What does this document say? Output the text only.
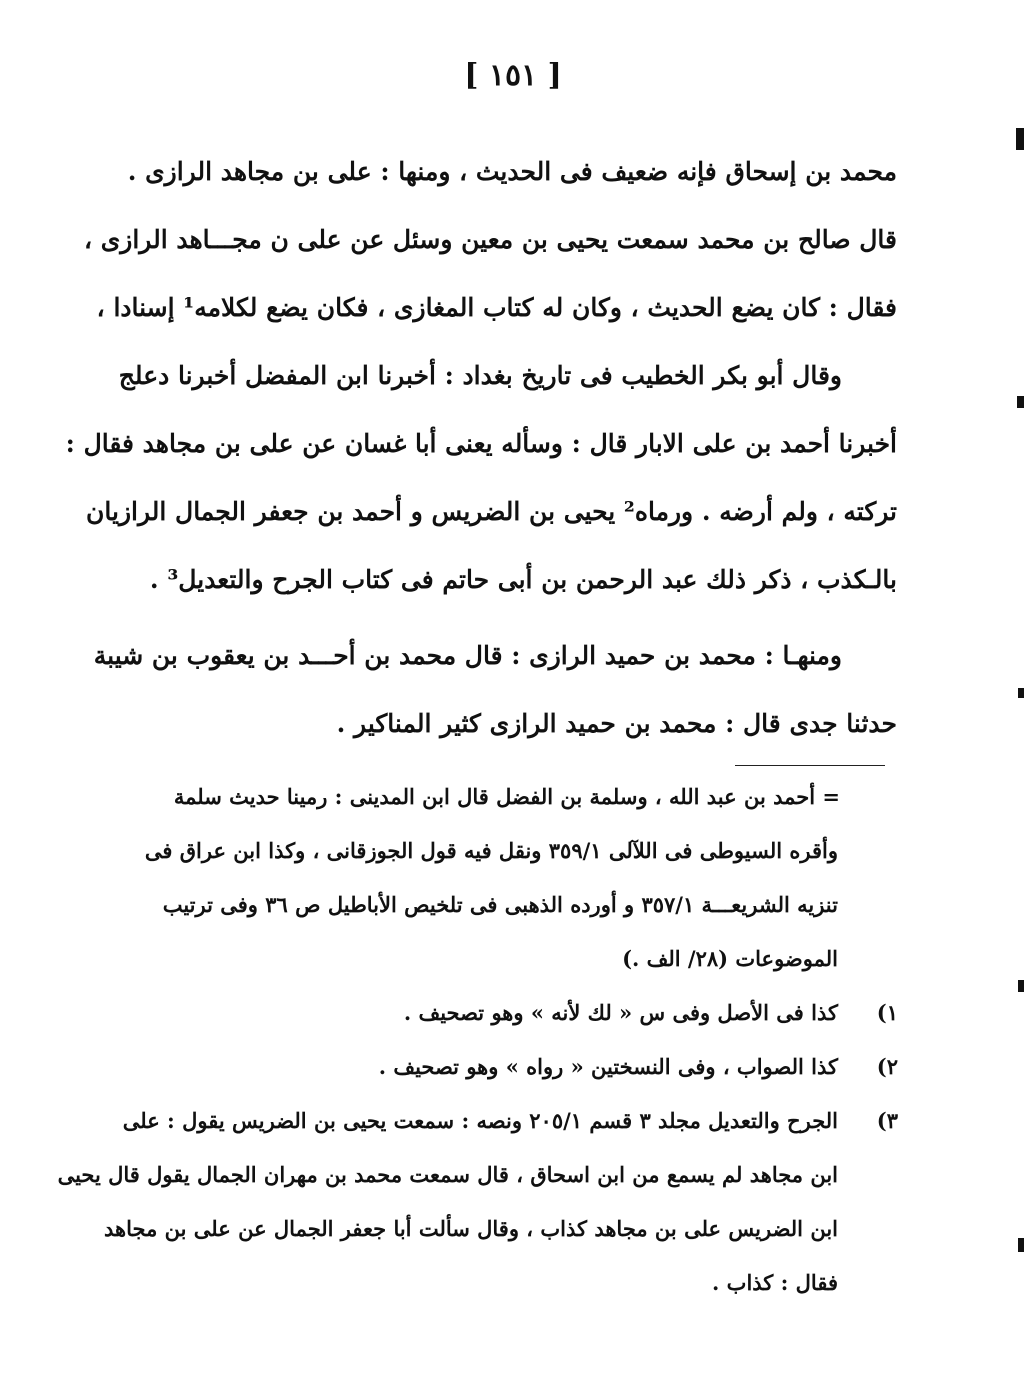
[ ١٥١ ]
محمد بن إسحاق فإنه ضعيف فى الحديث ، ومنها : على بن مجاهد الرازى .
قال صالح بن محمد سمعت يحيى بن معين وسئل عن على ن مجـــاهد الرازى ،
فقال : كان يضع الحديث ، وكان له كتاب المغازى ، فكان يضع لكلامه¹ إسنادا ،
وقال أبو بكر الخطيب فى تاريخ بغداد : أخبرنا ابن المفضل أخبرنا دعلج
أخبرنا أحمد بن على الابار قال : وسأله يعنى أبا غسان عن على بن مجاهد فقال :
تركته ، ولم أرضه . ورماه² يحيى بن الضريس و أحمد بن جعفر الجمال الرازيان
بالـكذب ، ذكر ذلك عبد الرحمن بن أبى حاتم فى كتاب الجرح والتعديل³ .
ومنهـا : محمد بن حميد الرازى : قال محمد بن أحـــد بن يعقوب بن شيبة
حدثنا جدى قال : محمد بن حميد الرازى كثير المناكير .
= أحمد بن عبد الله ، وسلمة بن الفضل قال ابن المدينى : رمينا حديث سلمة
وأقره السيوطى فى اللآلى ٣٥٩/١ ونقل فيه قول الجوزقانى ، وكذا ابن عراق فى
تنزيه الشريعـــة ٣٥٧/١ و أورده الذهبى فى تلخيص الأباطيل ص ٣٦ وفى ترتيب
الموضوعات (٢٨/ الف .)
١)
كذا فى الأصل وفى س « لك لأنه » وهو تصحيف .
٢)
كذا الصواب ، وفى النسختين « رواه » وهو تصحيف .
٣)
الجرح والتعديل مجلد ٣ قسم ٢٠٥/١ ونصه : سمعت يحيى بن الضريس يقول : على
ابن مجاهد لم يسمع من ابن اسحاق ، قال سمعت محمد بن مهران الجمال يقول قال يحيى
ابن الضريس على بن مجاهد كذاب ، وقال سألت أبا جعفر الجمال عن على بن مجاهد
فقال : كذاب .
